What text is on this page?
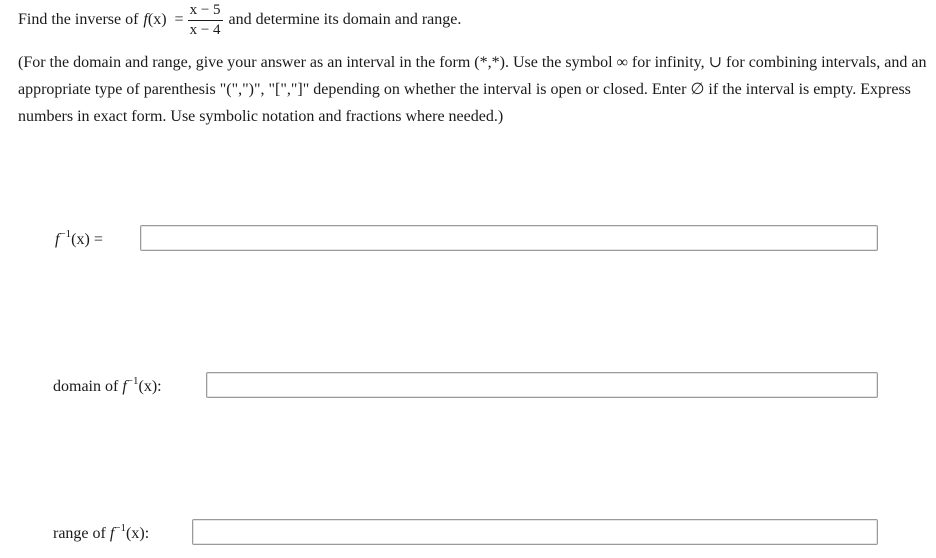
Find the inverse of $f(x) = \frac{x - 5}{x - 4}$ and determine its domain and range.
(For the domain and range, give your answer as an interval in the form (*,*). Use the symbol ∞ for infinity, ∪ for combining intervals, and an appropriate type of parenthesis "(",")", "[","]" depending on whether the interval is open or closed. Enter ∅ if the interval is empty. Express numbers in exact form. Use symbolic notation and fractions where needed.)
$f^{-1}(x)$ =
domain of $f^{-1}(x)$:
range of $f^{-1}(x)$:
